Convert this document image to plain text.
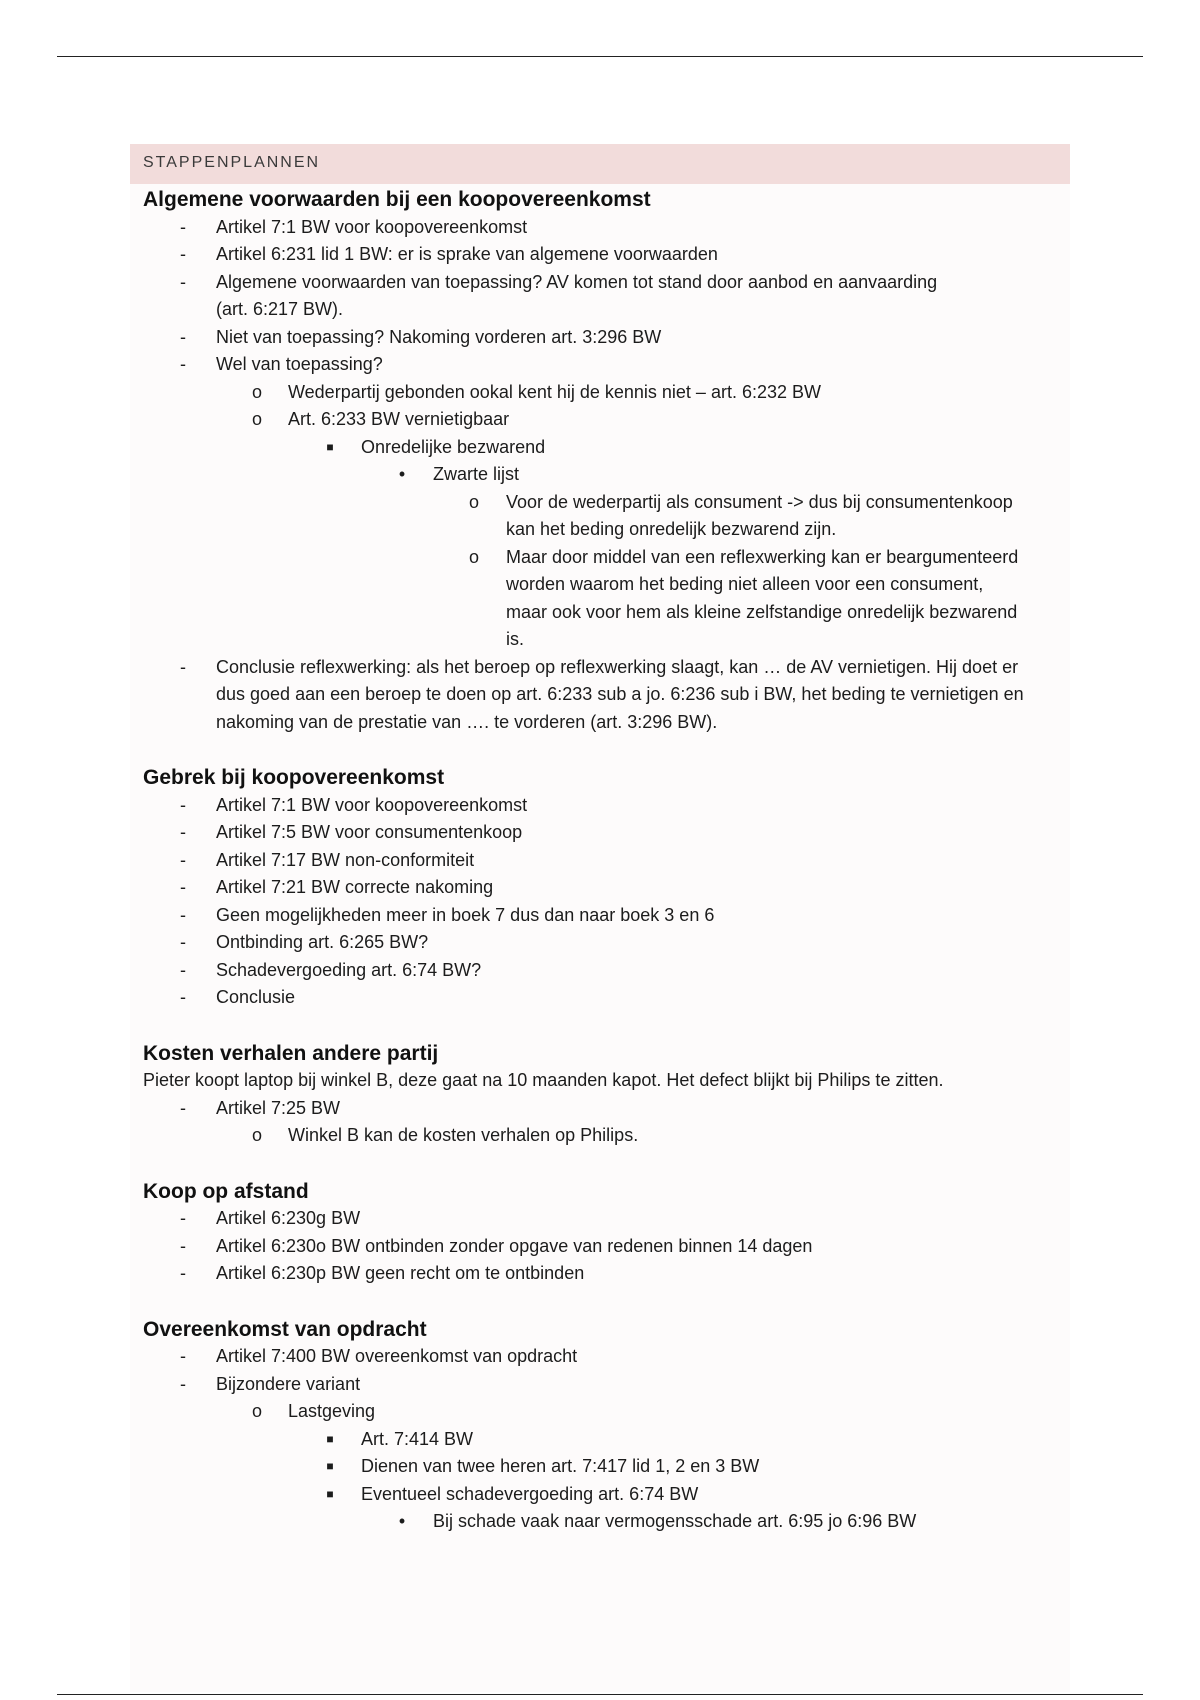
STAPPENPLANNEN
Algemene voorwaarden bij een koopovereenkomst
-	Artikel 7:1 BW voor koopovereenkomst
-	Artikel 6:231 lid 1 BW: er is sprake van algemene voorwaarden
-	Algemene voorwaarden van toepassing? AV komen tot stand door aanbod en aanvaarding (art. 6:217 BW).
-	Niet van toepassing? Nakoming vorderen art. 3:296 BW
-	Wel van toepassing?
o	Wederpartij gebonden ookal kent hij de kennis niet – art. 6:232 BW
o	Art. 6:233 BW vernietigbaar
■	Onredelijke bezwarend
•	Zwarte lijst
o	Voor de wederpartij als consument -> dus bij consumentenkoop kan het beding onredelijk bezwarend zijn.
o	Maar door middel van een reflexwerking kan er beargumenteerd worden waarom het beding niet alleen voor een consument, maar ook voor hem als kleine zelfstandige onredelijk bezwarend is.
-	Conclusie reflexwerking: als het beroep op reflexwerking slaagt, kan … de AV vernietigen. Hij doet er dus goed aan een beroep te doen op art. 6:233 sub a jo. 6:236 sub i BW, het beding te vernietigen en nakoming van de prestatie van …. te vorderen (art. 3:296 BW).
Gebrek bij koopovereenkomst
-	Artikel 7:1 BW voor koopovereenkomst
-	Artikel 7:5 BW voor consumentenkoop
-	Artikel 7:17 BW non-conformiteit
-	Artikel 7:21 BW correcte nakoming
-	Geen mogelijkheden meer in boek 7 dus dan naar boek 3 en 6
-	Ontbinding art. 6:265 BW?
-	Schadevergoeding art. 6:74 BW?
-	Conclusie
Kosten verhalen andere partij
Pieter koopt laptop bij winkel B, deze gaat na 10 maanden kapot. Het defect blijkt bij Philips te zitten.
-	Artikel 7:25 BW
o	Winkel B kan de kosten verhalen op Philips.
Koop op afstand
-	Artikel 6:230g BW
-	Artikel 6:230o BW ontbinden zonder opgave van redenen binnen 14 dagen
-	Artikel 6:230p BW geen recht om te ontbinden
Overeenkomst van opdracht
-	Artikel 7:400 BW overeenkomst van opdracht
-	Bijzondere variant
o	Lastgeving
■	Art. 7:414 BW
■	Dienen van twee heren art. 7:417 lid 1, 2 en 3 BW
■	Eventueel schadevergoeding art. 6:74 BW
•	Bij schade vaak naar vermogensschade art. 6:95 jo 6:96 BW
